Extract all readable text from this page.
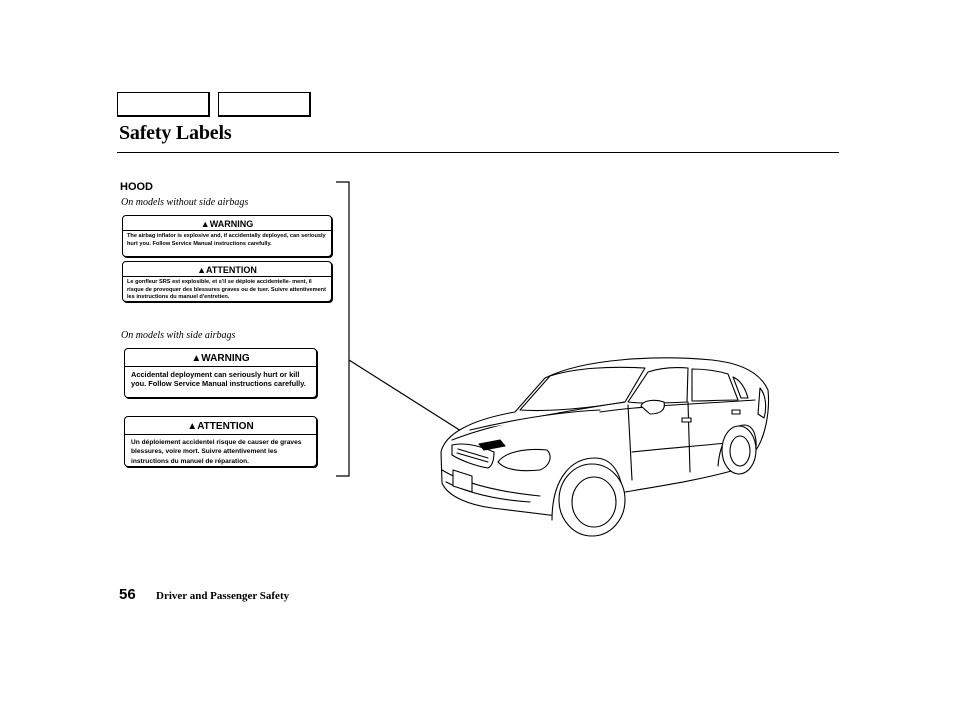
Safety Labels
HOOD
On models without side airbags
▲WARNING
The airbag inflator is explosive and, if accidentally deployed, can seriously hurt you. Follow Service Manual instructions carefully.
▲ATTENTION
Le gonfleur SRS est explosible, et s'il se déploie accidentelle- ment, il risque de provoquer des blessures graves ou de tuer. Suivre attentivement les instructions du manuel d'entretien.
On models with side airbags
▲WARNING
Accidental deployment can seriously hurt or kill you. Follow Service Manual instructions carefully.
▲ATTENTION
Un déploiement accidentel risque de causer de graves blessures, voire mort. Suivre attentivement les instructions du manuel de réparation.
56 Driver and Passenger Safety
